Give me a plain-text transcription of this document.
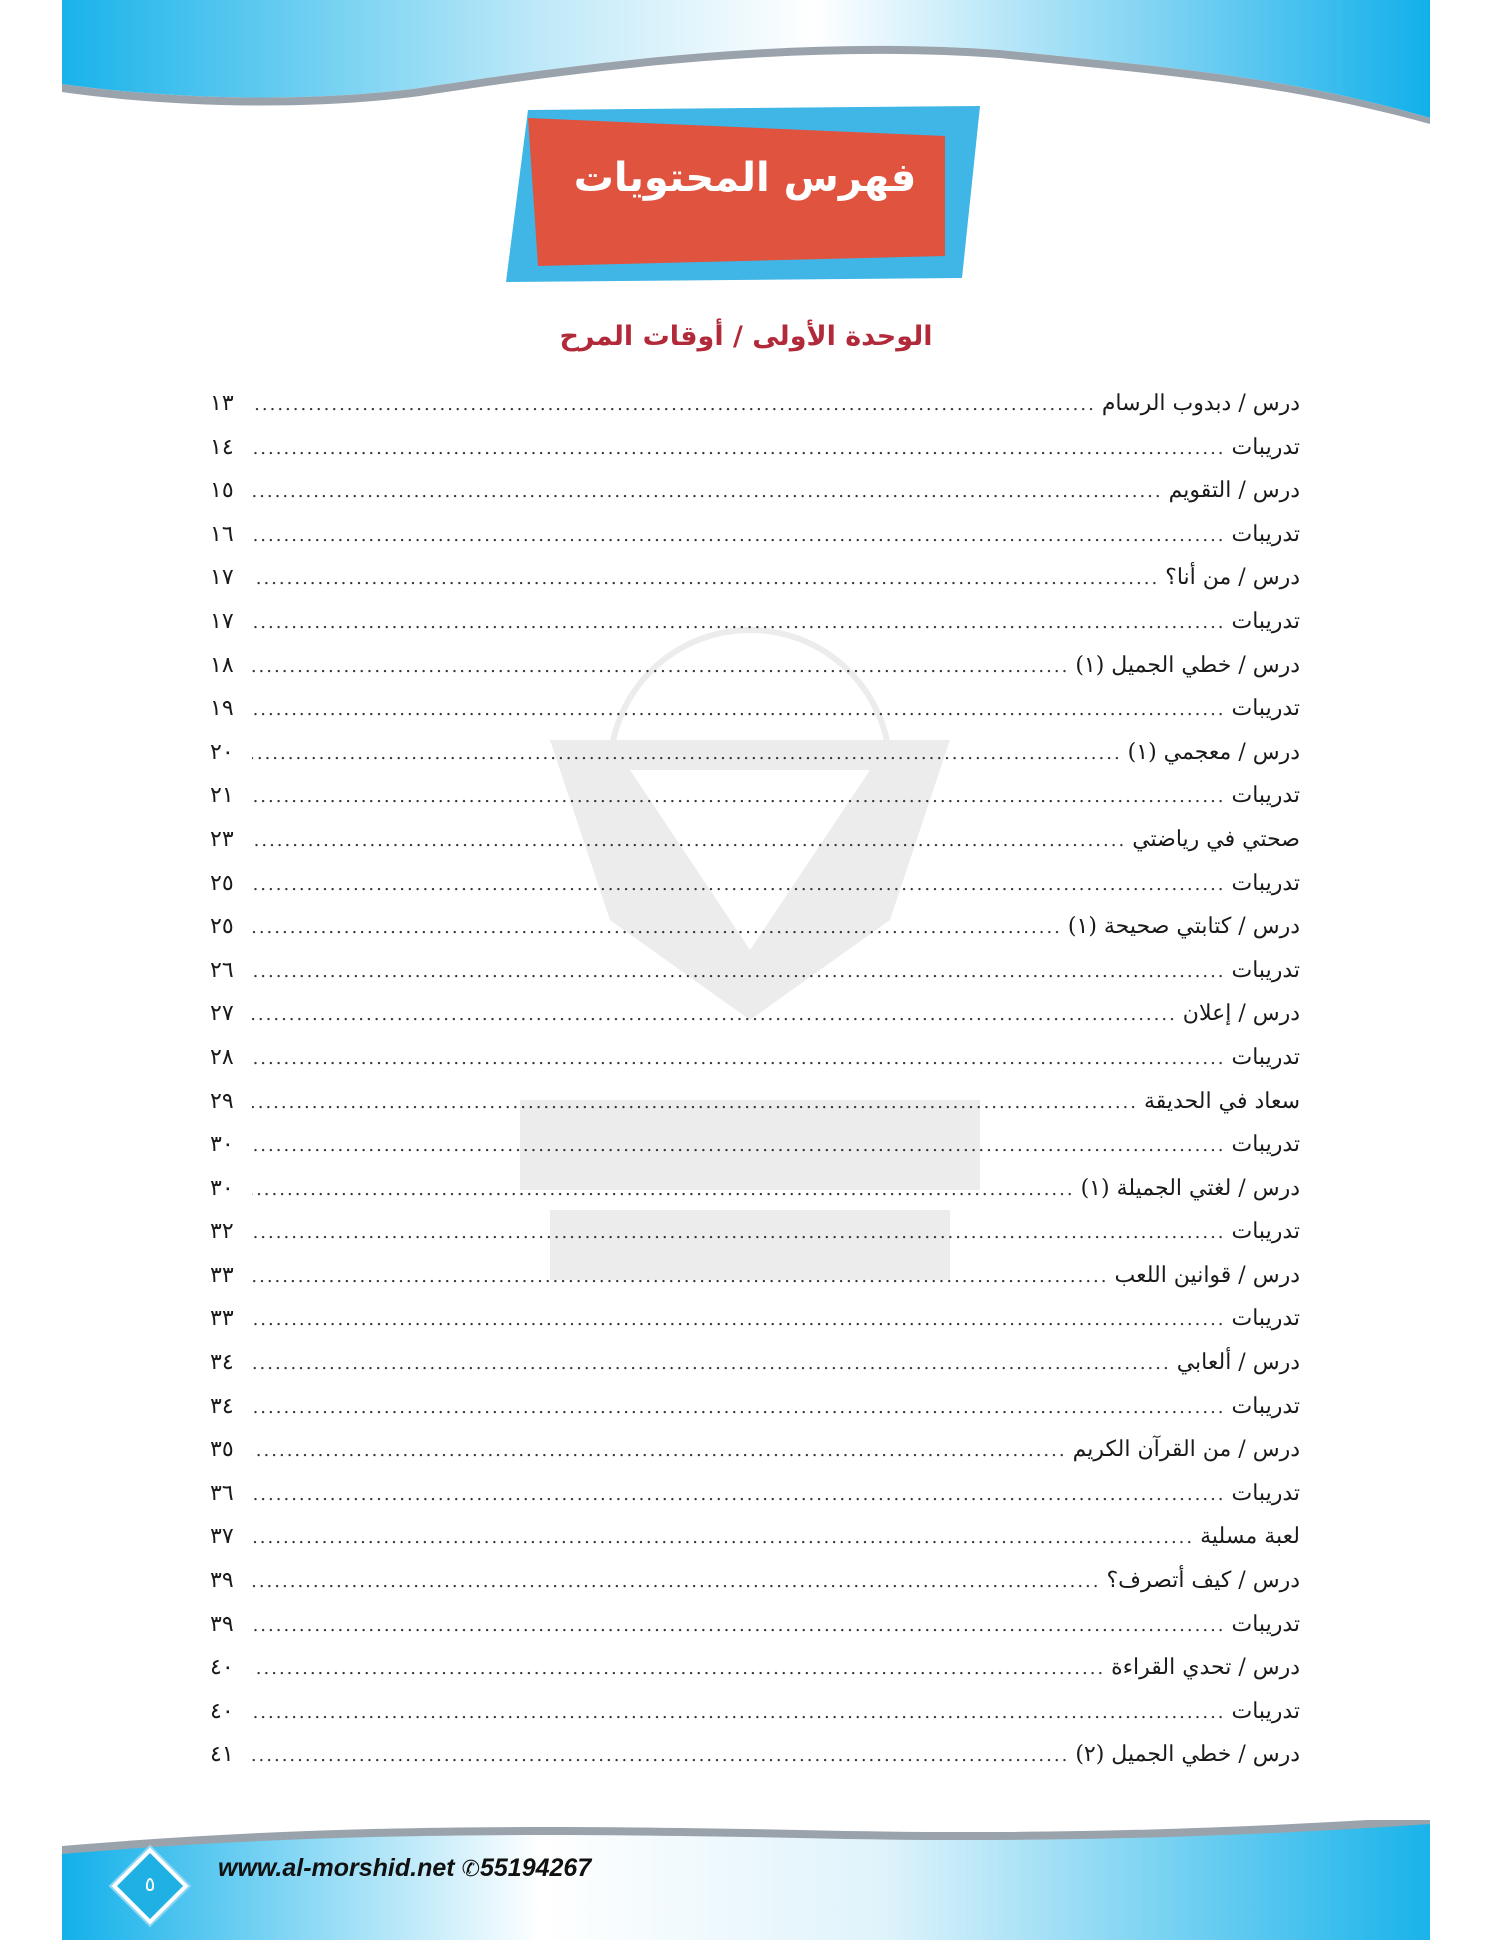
فهرس المحتويات
الوحدة الأولى / أوقات المرح
درس / دبدوب الرسام
.....
١٣
تدريبات
.....
١٤
درس / التقويم
.....
١٥
تدريبات
.....
١٦
درس / من أنا؟
.....
١٧
تدريبات
.....
١٧
درس / خطي الجميل (١)
.....
١٨
تدريبات
.....
١٩
درس / معجمي (١)
.....
٢٠
تدريبات
.....
٢١
صحتي في رياضتي
.....
٢٣
تدريبات
.....
٢٥
درس / كتابتي صحيحة (١)
.....
٢٥
تدريبات
.....
٢٦
درس / إعلان
.....
٢٧
تدريبات
.....
٢٨
سعاد في الحديقة
.....
٢٩
تدريبات
.....
٣٠
درس / لغتي الجميلة (١)
.....
٣٠
تدريبات
.....
٣٢
درس / قوانين اللعب
.....
٣٣
تدريبات
.....
٣٣
درس / ألعابي
.....
٣٤
تدريبات
.....
٣٤
درس / من القرآن الكريم
.....
٣٥
تدريبات
.....
٣٦
لعبة مسلية
.....
٣٧
درس / كيف أتصرف؟
.....
٣٩
تدريبات
.....
٣٩
درس / تحدي القراءة
.....
٤٠
تدريبات
.....
٤٠
درس / خطي الجميل (٢)
.....
٤١
٥
www.al-morshid.net ✆55194267
